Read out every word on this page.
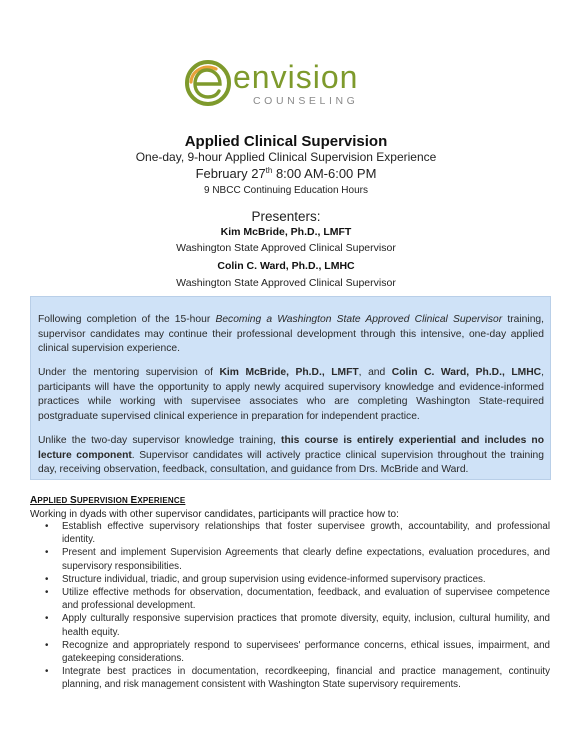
envision
COUNSELING
Applied Clinical Supervision
One-day, 9-hour Applied Clinical Supervision Experience
February 27th 8:00 AM-6:00 PM
9 NBCC Continuing Education Hours
Presenters:
Kim McBride, Ph.D., LMFT
Washington State Approved Clinical Supervisor
Colin C. Ward, Ph.D., LMHC
Washington State Approved Clinical Supervisor

Following completion of the 15-hour Becoming a Washington State Approved Clinical Supervisor training, supervisor candidates may continue their professional development through this intensive, one-day applied clinical supervision experience.

Under the mentoring supervision of Kim McBride, Ph.D., LMFT, and Colin C. Ward, Ph.D., LMHC, participants will have the opportunity to apply newly acquired supervisory knowledge and evidence-informed practices while working with supervisee associates who are completing Washington State-required postgraduate supervised clinical experience in preparation for independent practice.

Unlike the two-day supervisor knowledge training, this course is entirely experiential and includes no lecture component. Supervisor candidates will actively practice clinical supervision throughout the training day, receiving observation, feedback, consultation, and guidance from Drs. McBride and Ward.

APPLIED SUPERVISION EXPERIENCE
Working in dyads with other supervisor candidates, participants will practice how to:
• Establish effective supervisory relationships that foster supervisee growth, accountability, and professional identity.
• Present and implement Supervision Agreements that clearly define expectations, evaluation procedures, and supervisory responsibilities.
• Structure individual, triadic, and group supervision using evidence-informed supervisory practices.
• Utilize effective methods for observation, documentation, feedback, and evaluation of supervisee competence and professional development.
• Apply culturally responsive supervision practices that promote diversity, equity, inclusion, cultural humility, and health equity.
• Recognize and appropriately respond to supervisees' performance concerns, ethical issues, impairment, and gatekeeping considerations.
• Integrate best practices in documentation, recordkeeping, financial and practice management, continuity planning, and risk management consistent with Washington State supervisory requirements.
